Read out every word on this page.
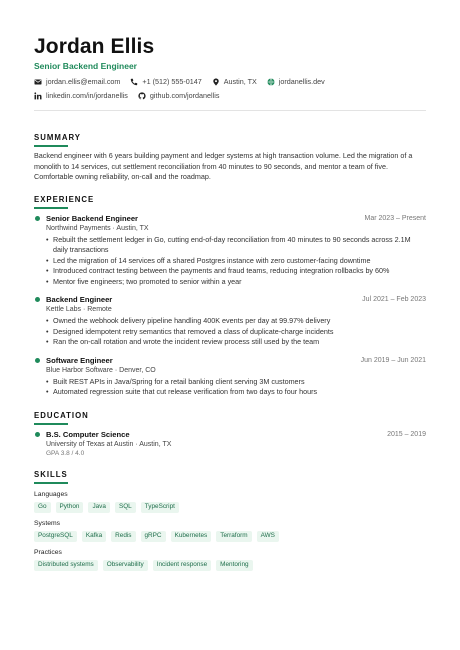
Jordan Ellis
Senior Backend Engineer
jordan.ellis@email.com	+1 (512) 555-0147	Austin, TX	jordanellis.dev
linkedin.com/in/jordanellis	github.com/jordanellis
SUMMARY
Backend engineer with 6 years building payment and ledger systems at high transaction volume. Led the migration of a monolith to 14 services, cut settlement reconciliation from 40 minutes to 90 seconds, and mentor a team of five. Comfortable owning reliability, on-call and the roadmap.
EXPERIENCE
Senior Backend Engineer	Mar 2023 – Present
Northwind Payments · Austin, TX
• Rebuilt the settlement ledger in Go, cutting end-of-day reconciliation from 40 minutes to 90 seconds across 2.1M daily transactions
• Led the migration of 14 services off a shared Postgres instance with zero customer-facing downtime
• Introduced contract testing between the payments and fraud teams, reducing integration rollbacks by 60%
• Mentor five engineers; two promoted to senior within a year
Backend Engineer	Jul 2021 – Feb 2023
Kettle Labs · Remote
• Owned the webhook delivery pipeline handling 400K events per day at 99.97% delivery
• Designed idempotent retry semantics that removed a class of duplicate-charge incidents
• Ran the on-call rotation and wrote the incident review process still used by the team
Software Engineer	Jun 2019 – Jun 2021
Blue Harbor Software · Denver, CO
• Built REST APIs in Java/Spring for a retail banking client serving 3M customers
• Automated regression suite that cut release verification from two days to four hours
EDUCATION
B.S. Computer Science	2015 – 2019
University of Texas at Austin · Austin, TX
GPA 3.8 / 4.0
SKILLS
Languages
Go	Python	Java	SQL	TypeScript
Systems
PostgreSQL	Kafka	Redis	gRPC	Kubernetes	Terraform	AWS
Practices
Distributed systems	Observability	Incident response	Mentoring
